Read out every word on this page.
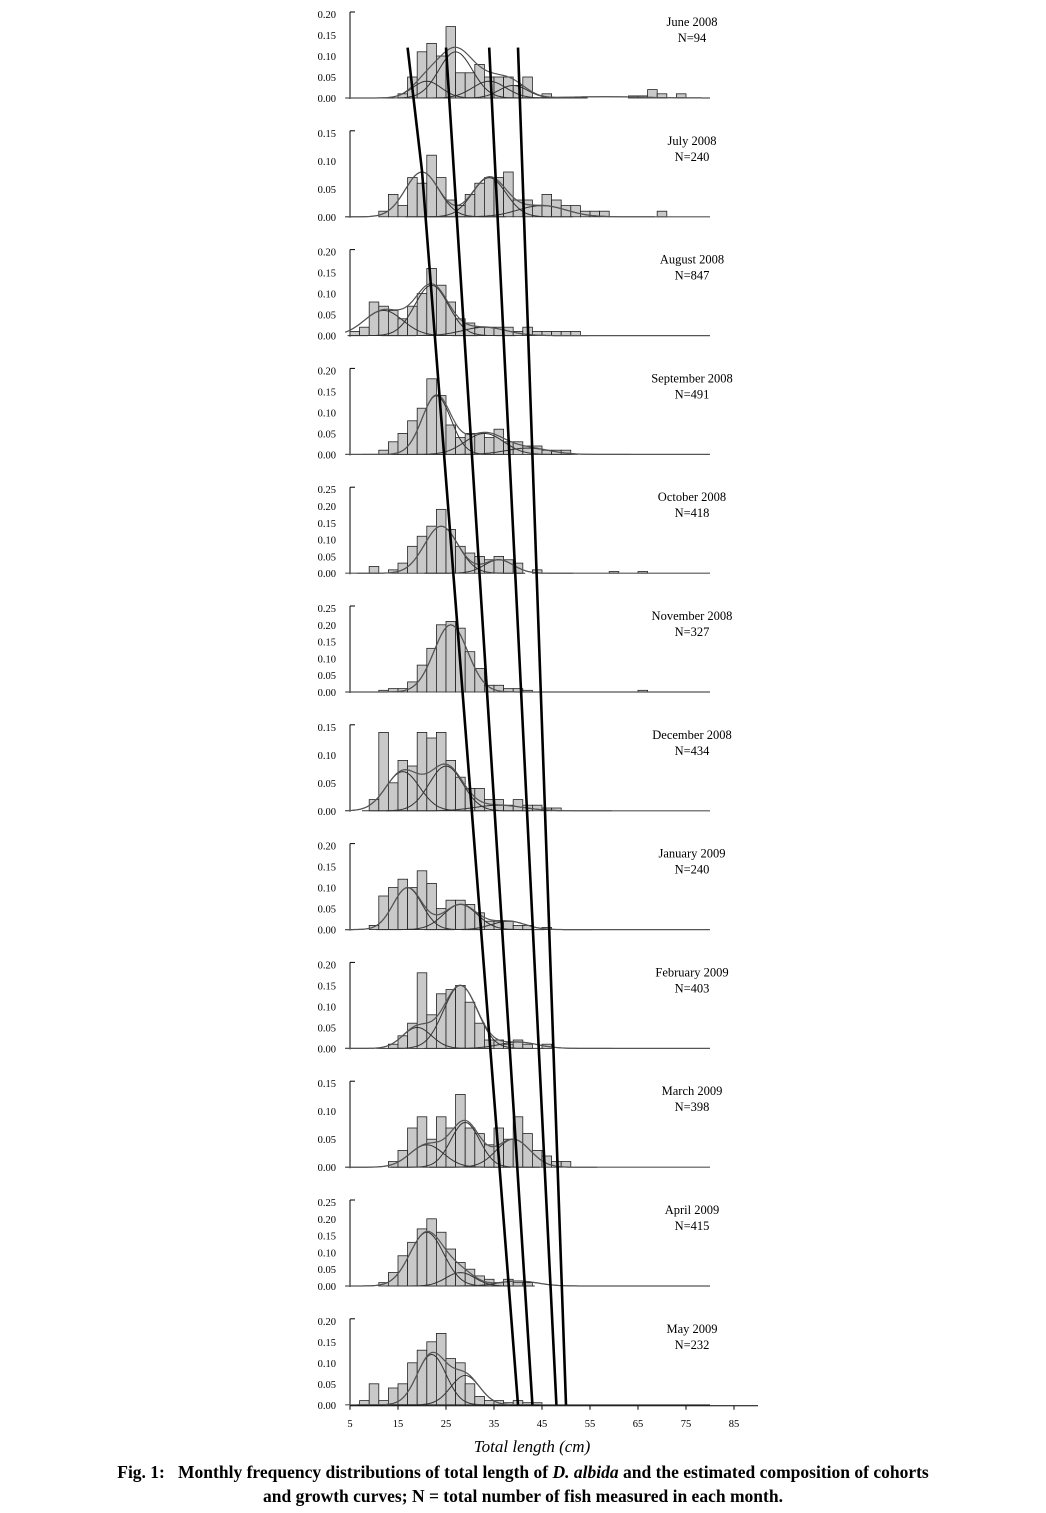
0.20
0.15
0.10
0.05
0.00
June 2008
N=94
0.15
0.10
0.05
0.00
July 2008
N=240
0.20
0.15
0.10
0.05
0.00
August 2008
N=847
0.20
0.15
0.10
0.05
0.00
September 2008
N=491
0.25
0.20
0.15
0.10
0.05
0.00
October 2008
N=418
0.25
0.20
0.15
0.10
0.05
0.00
November 2008
N=327
0.15
0.10
0.05
0.00
December 2008
N=434
0.20
0.15
0.10
0.05
0.00
January 2009
N=240
0.20
0.15
0.10
0.05
0.00
February 2009
N=403
0.15
0.10
0.05
0.00
March 2009
N=398
0.25
0.20
0.15
0.10
0.05
0.00
April 2009
N=415
0.20
0.15
0.10
0.05
0.00
May 2009
N=232
5	15	25	35	45	55	65	75	85
Total length (cm)
Fig. 1: Monthly frequency distributions of total length of D. albida and the estimated composition of cohorts
and growth curves; N = total number of fish measured in each month.
